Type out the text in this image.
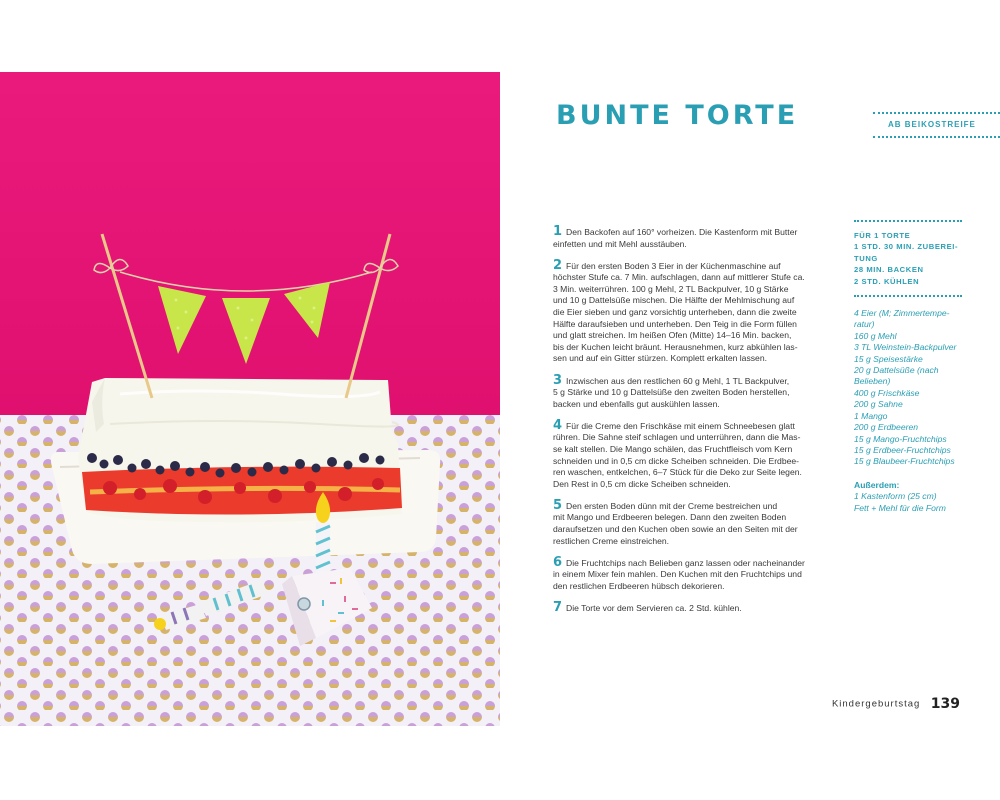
BUNTE TORTE	AB BEIKOSTREIFE
1 Den Backofen auf 160° vorheizen. Die Kastenform mit Butter
einfetten und mit Mehl ausstäuben.
2 Für den ersten Boden 3 Eier in der Küchenmaschine auf
höchster Stufe ca. 7 Min. aufschlagen, dann auf mittlerer Stufe ca.
3 Min. weiterrühren. 100 g Mehl, 2 TL Backpulver, 10 g Stärke
und 10 g Dattelsüße mischen. Die Hälfte der Mehlmischung auf
die Eier sieben und ganz vorsichtig unterheben, dann die zweite
Hälfte daraufsieben und unterheben. Den Teig in die Form füllen
und glatt streichen. Im heißen Ofen (Mitte) 14–16 Min. backen,
bis der Kuchen leicht bräunt. Herausnehmen, kurz abkühlen las-
sen und auf ein Gitter stürzen. Komplett erkalten lassen.
3 Inzwischen aus den restlichen 60 g Mehl, 1 TL Backpulver,
5 g Stärke und 10 g Dattelsüße den zweiten Boden herstellen,
backen und ebenfalls gut auskühlen lassen.
4 Für die Creme den Frischkäse mit einem Schneebesen glatt
rühren. Die Sahne steif schlagen und unterrühren, dann die Mas-
se kalt stellen. Die Mango schälen, das Fruchtfleisch vom Kern
schneiden und in 0,5 cm dicke Scheiben schneiden. Die Erdbee-
ren waschen, entkelchen, 6–7 Stück für die Deko zur Seite legen.
Den Rest in 0,5 cm dicke Scheiben schneiden.
5 Den ersten Boden dünn mit der Creme bestreichen und
mit Mango und Erdbeeren belegen. Dann den zweiten Boden
daraufsetzen und den Kuchen oben sowie an den Seiten mit der
restlichen Creme einstreichen.
6 Die Fruchtchips nach Belieben ganz lassen oder nacheinander
in einem Mixer fein mahlen. Den Kuchen mit den Fruchtchips und
den restlichen Erdbeeren hübsch dekorieren.
7 Die Torte vor dem Servieren ca. 2 Std. kühlen.
FÜR 1 TORTE
1 STD. 30 MIN. ZUBEREI-
TUNG
28 MIN. BACKEN
2 STD. KÜHLEN
4 Eier (M; Zimmertempe-
ratur)
160 g Mehl
3 TL Weinstein-Backpulver
15 g Speisestärke
20 g Dattelsüße (nach
Belieben)
400 g Frischkäse
200 g Sahne
1 Mango
200 g Erdbeeren
15 g Mango-Fruchtchips
15 g Erdbeer-Fruchtchips
15 g Blaubeer-Fruchtchips
Außerdem:
1 Kastenform (25 cm)
Fett + Mehl für die Form
Kindergeburtstag 139
